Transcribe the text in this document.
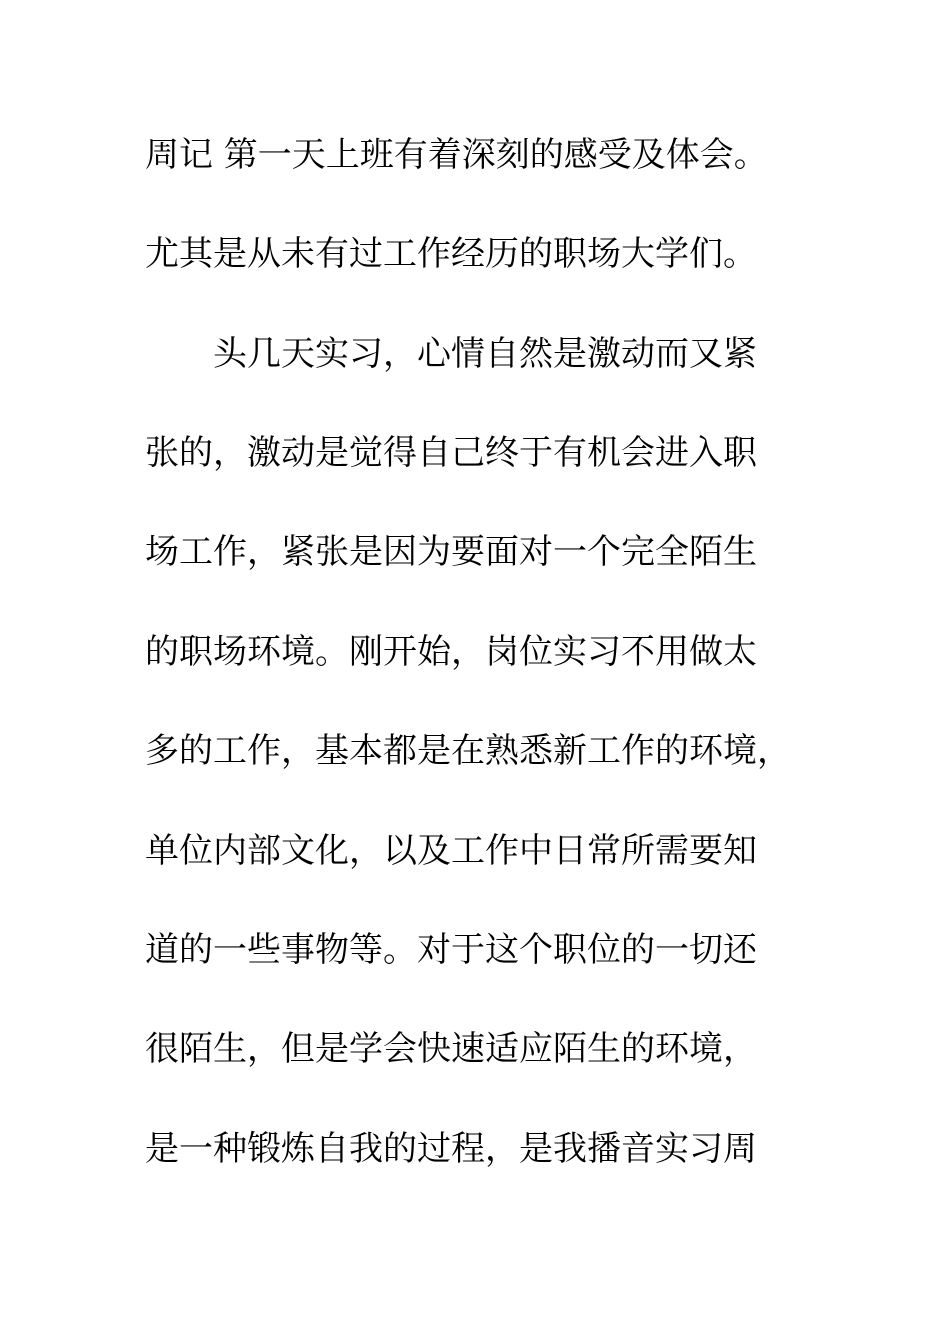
周记 第一天上班有着深刻的感受及体会。

尤其是从未有过工作经历的职场大学们。

头几天实习，心情自然是激动而又紧

张的，激动是觉得自己终于有机会进入职

场工作，紧张是因为要面对一个完全陌生

的职场环境。刚开始，岗位实习不用做太

多的工作，基本都是在熟悉新工作的环境，

单位内部文化，以及工作中日常所需要知

道的一些事物等。对于这个职位的一切还

很陌生，但是学会快速适应陌生的环境，

是一种锻炼自我的过程，是我播音实习周
